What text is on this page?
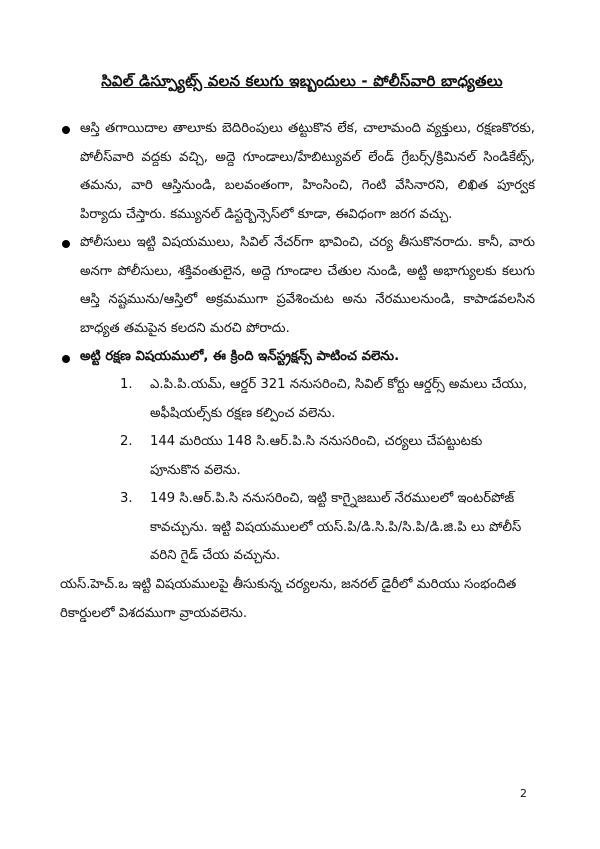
సివిల్ డిస్ప్యూట్స్ వలన కలుగు ఇబ్బందులు - పోలీస్‌వారి బాధ్యతలు
ఆస్తి తగాయిదాల తాలూకు బెదిరింపులు తట్టుకొన లేక, చాలామంది వ్యక్తులు, రక్షణకొరకు, పోలీస్‌వారి వద్దకు వచ్చి, అద్దె గూండాలు/హేబిట్యువల్ లేండ్ గ్రేబర్స్/క్రిమినల్ సిండికేట్స్, తమను, వారి ఆస్తినుండి, బలవంతంగా, హింసించి, గెంటి వేసినారని, లిఖిత పూర్వక పిర్యాదు చేస్తారు. కమ్యునల్ డిస్టర్బెన్సెస్‌లో కూడా, ఈవిధంగా జరగ వచ్చు.
పోలీసులు ఇట్టి విషయములు, సివిల్ నేచర్‌గా భావించి, చర్య తీసుకొనరాదు. కానీ, వారు అనగా పోలీసులు, శక్తివంతులైన, అద్దె గూండాల చేతుల నుండి, అట్టి అభాగ్యులకు కలుగు ఆస్తి నష్టమును/ఆస్తిలో అక్రమముగా ప్రవేశించుట అను నేరములనుండి, కాపాడవలసిన బాధ్యత తమపైన కలదని మరచి పోరాదు.
అట్టి రక్షణ విషయములో, ఈ క్రింది ఇన్‌స్ట్రక్షన్స్ పాటించ వలెను.
1. ఎ.పి.పి.యమ్, ఆర్డర్ 321 ననుసరించి, సివిల్ కోర్టు ఆర్డర్స్ అమలు చేయు, అఫీషియల్స్‌కు రక్షణ కల్పించ వలెను.
2. 144 మరియు 148 సి.ఆర్.పి.సి ననుసరించి, చర్యలు చేపట్టుటకు పూనుకొన వలెను.
3. 149 సి.ఆర్.పి.సి ననుసరించి, ఇట్టి కాగ్నైజబుల్ నేరములలో ఇంటర్‌పోజ్ కావచ్చును. ఇట్టి విషయములలో యస్.పి/డి.సి.పి/సి.పి/డి.జి.పి లు పోలీస్ వరిని గైడ్ చేయ వచ్చును.
యస్.హెచ్.ఒ ఇట్టి విషయములపై తీసుకున్న చర్యలను, జనరల్ డైరీలో మరియు సంభందిత రికార్డులలో విశదముగా వ్రాయవలెను.
2
